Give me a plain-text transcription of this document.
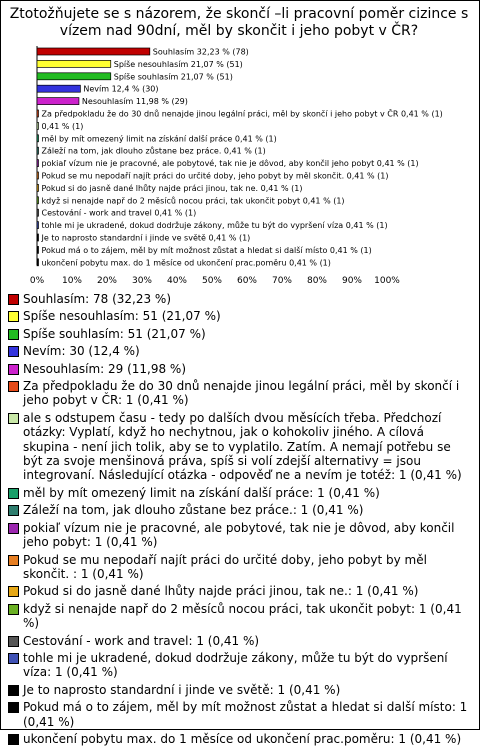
Ztotožňujete se s názorem, že skončí –li pracovní poměr cizince s vízem nad 90dní, měl by skončit i jeho pobyt v ČR?
Souhlasím 32,23 % (78)
Spíše nesouhlasím 21,07 % (51)
Spíše souhlasím 21,07 % (51)
Nevím 12,4 % (30)
Nesouhlasím 11,98 % (29)
Za předpokladu že do 30 dnů nenajde jinou legální práci, měl by skončí i jeho pobyt v ČR 0,41 % (1)
0,41 % (1)
měl by mít omezený limit na získání další práce 0,41 % (1)
Záleží na tom, jak dlouho zůstane bez práce. 0,41 % (1)
pokiaľ vízum nie je pracovné, ale pobytové, tak nie je dôvod, aby končil jeho pobyt 0,41 % (1)
Pokud se mu nepodaří najít práci do určité doby, jeho pobyt by měl skončit. 0,41 % (1)
Pokud si do jasně dané lhůty najde práci jinou, tak ne. 0,41 % (1)
když si nenajde např do 2 měsíců nocou práci, tak ukončit pobyt 0,41 % (1)
Cestování - work and travel 0,41 % (1)
tohle mi je ukradené, dokud dodržuje zákony, může tu být do vypršení víza 0,41 % (1)
Je to naprosto standardní i jinde ve světě 0,41 % (1)
Pokud má o to zájem, měl by mít možnost zůstat a hledat si další místo 0,41 % (1)
ukončení pobytu max. do 1 měsíce od ukončení prac.poměru 0,41 % (1)
0% 10% 20% 30% 40% 50% 60% 70% 80% 90% 100%
Souhlasím: 78 (32,23 %)
Spíše nesouhlasím: 51 (21,07 %)
Spíše souhlasím: 51 (21,07 %)
Nevím: 30 (12,4 %)
Nesouhlasím: 29 (11,98 %)
Za předpokladu že do 30 dnů nenajde jinou legální práci, měl by skončí i jeho pobyt v ČR: 1 (0,41 %)
ale s odstupem času - tedy po dalších dvou měsících třeba. Předchozí otázky: Vyplatí, když ho nechytnou, jak o kohokoliv jiného. A cílová skupina - není jich tolik, aby se to vyplatilo. Zatím. A nemají potřebu se být za svoje menšinová práva, spíš si volí zdejší alternativy = jsou integrovaní. Následující otázka - odpověď ne a nevím je totéž: 1 (0,41 %)
měl by mít omezený limit na získání další práce: 1 (0,41 %)
Záleží na tom, jak dlouho zůstane bez práce.: 1 (0,41 %)
pokiaľ vízum nie je pracovné, ale pobytové, tak nie je dôvod, aby končil jeho pobyt: 1 (0,41 %)
Pokud se mu nepodaří najít práci do určité doby, jeho pobyt by měl skončit. : 1 (0,41 %)
Pokud si do jasně dané lhůty najde práci jinou, tak ne.: 1 (0,41 %)
když si nenajde např do 2 měsíců nocou práci, tak ukončit pobyt: 1 (0,41 %)
Cestování - work and travel: 1 (0,41 %)
tohle mi je ukradené, dokud dodržuje zákony, může tu být do vypršení víza: 1 (0,41 %)
Je to naprosto standardní i jinde ve světě: 1 (0,41 %)
Pokud má o to zájem, měl by mít možnost zůstat a hledat si další místo: 1 (0,41 %)
ukončení pobytu max. do 1 měsíce od ukončení prac.poměru: 1 (0,41 %)
